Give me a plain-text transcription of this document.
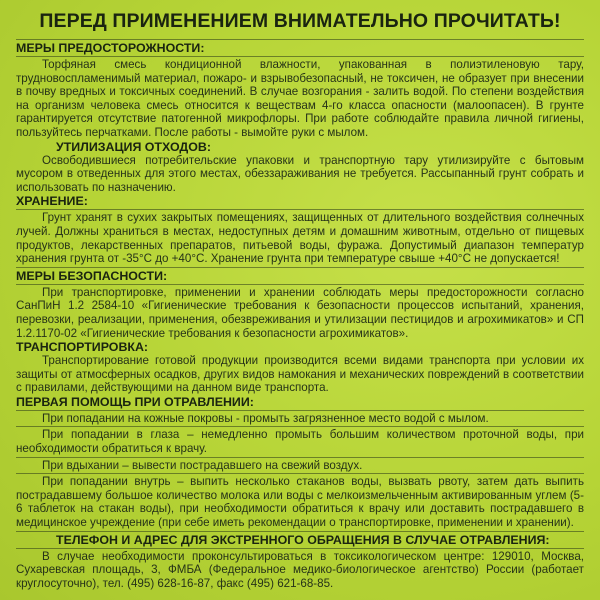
ПЕРЕД ПРИМЕНЕНИЕМ ВНИМАТЕЛЬНО ПРОЧИТАТЬ!
МЕРЫ ПРЕДОСТОРОЖНОСТИ:

Торфяная смесь кондиционной влажности, упакованная в полиэтиленовую тару, трудновоспламенимый материал, пожаро- и взрывобезопасный, не токсичен, не образует при внесении в почву вредных и токсичных соединений. В случае возгорания - залить водой. По степени воздействия на организм человека смесь относится к веществам 4-го класса опасности (малоопасен). В грунте гарантируется отсутствие патогенной микрофлоры. При работе соблюдайте правила личной гигиены, пользуйтесь перчатками. После работы - вымойте руки с мылом.

УТИЛИЗАЦИЯ ОТХОДОВ:

Освободившиеся потребительские упаковки и транспортную тару утилизируйте с бытовым мусором в отведенных для этого местах, обеззараживания не требуется. Рассыпанный грунт собрать и использовать по назначению.

ХРАНЕНИЕ:

Грунт хранят в сухих закрытых помещениях, защищенных от длительного воздействия солнечных лучей. Должны храниться в местах, недоступных детям и домашним животным, отдельно от пищевых продуктов, лекарственных препаратов, питьевой воды, фуража. Допустимый диапазон температур хранения грунта от -35°С до +40°С. Хранение грунта при температуре свыше +40°С не допускается!

МЕРЫ БЕЗОПАСНОСТИ:

При транспортировке, применении и хранении соблюдать меры предосторожности согласно СанПиН 1.2 2584-10 «Гигиенические требования к безопасности процессов испытаний, хранения, перевозки, реализации, применения, обезвреживания и утилизации пестицидов и агрохимикатов» и СП 1.2.1170-02 «Гигиенические требования к безопасности агрохимикатов».

ТРАНСПОРТИРОВКА:

Транспортирование готовой продукции производится всеми видами транспорта при условии их защиты от атмосферных осадков, других видов намокания и механических повреждений в соответствии с правилами, действующими на данном виде транспорта.

ПЕРВАЯ ПОМОЩЬ ПРИ ОТРАВЛЕНИИ:

При попадании на кожные покровы - промыть загрязненное место водой с мылом.

При попадании в глаза – немедленно промыть большим количеством проточной воды, при необходимости обратиться к врачу.

При вдыхании – вывести пострадавшего на свежий воздух.

При попадании внутрь – выпить несколько стаканов воды, вызвать рвоту, затем дать выпить пострадавшему большое количество молока или воды с мелкоизмельченным активированным углем (5-6 таблеток на стакан воды), при необходимости обратиться к врачу или доставить пострадавшего в медицинское учреждение (при себе иметь рекомендации о транспортировке, применении и хранении).

ТЕЛЕФОН И АДРЕС ДЛЯ ЭКСТРЕННОГО ОБРАЩЕНИЯ В СЛУЧАЕ ОТРАВЛЕНИЯ:

В случае необходимости проконсультироваться в токсикологическом центре: 129010, Москва, Сухаревская площадь, 3, ФМБА (Федеральное медико-биологическое агентство) России (работает круглосуточно), тел. (495) 628-16-87, факс (495) 621-68-85.
